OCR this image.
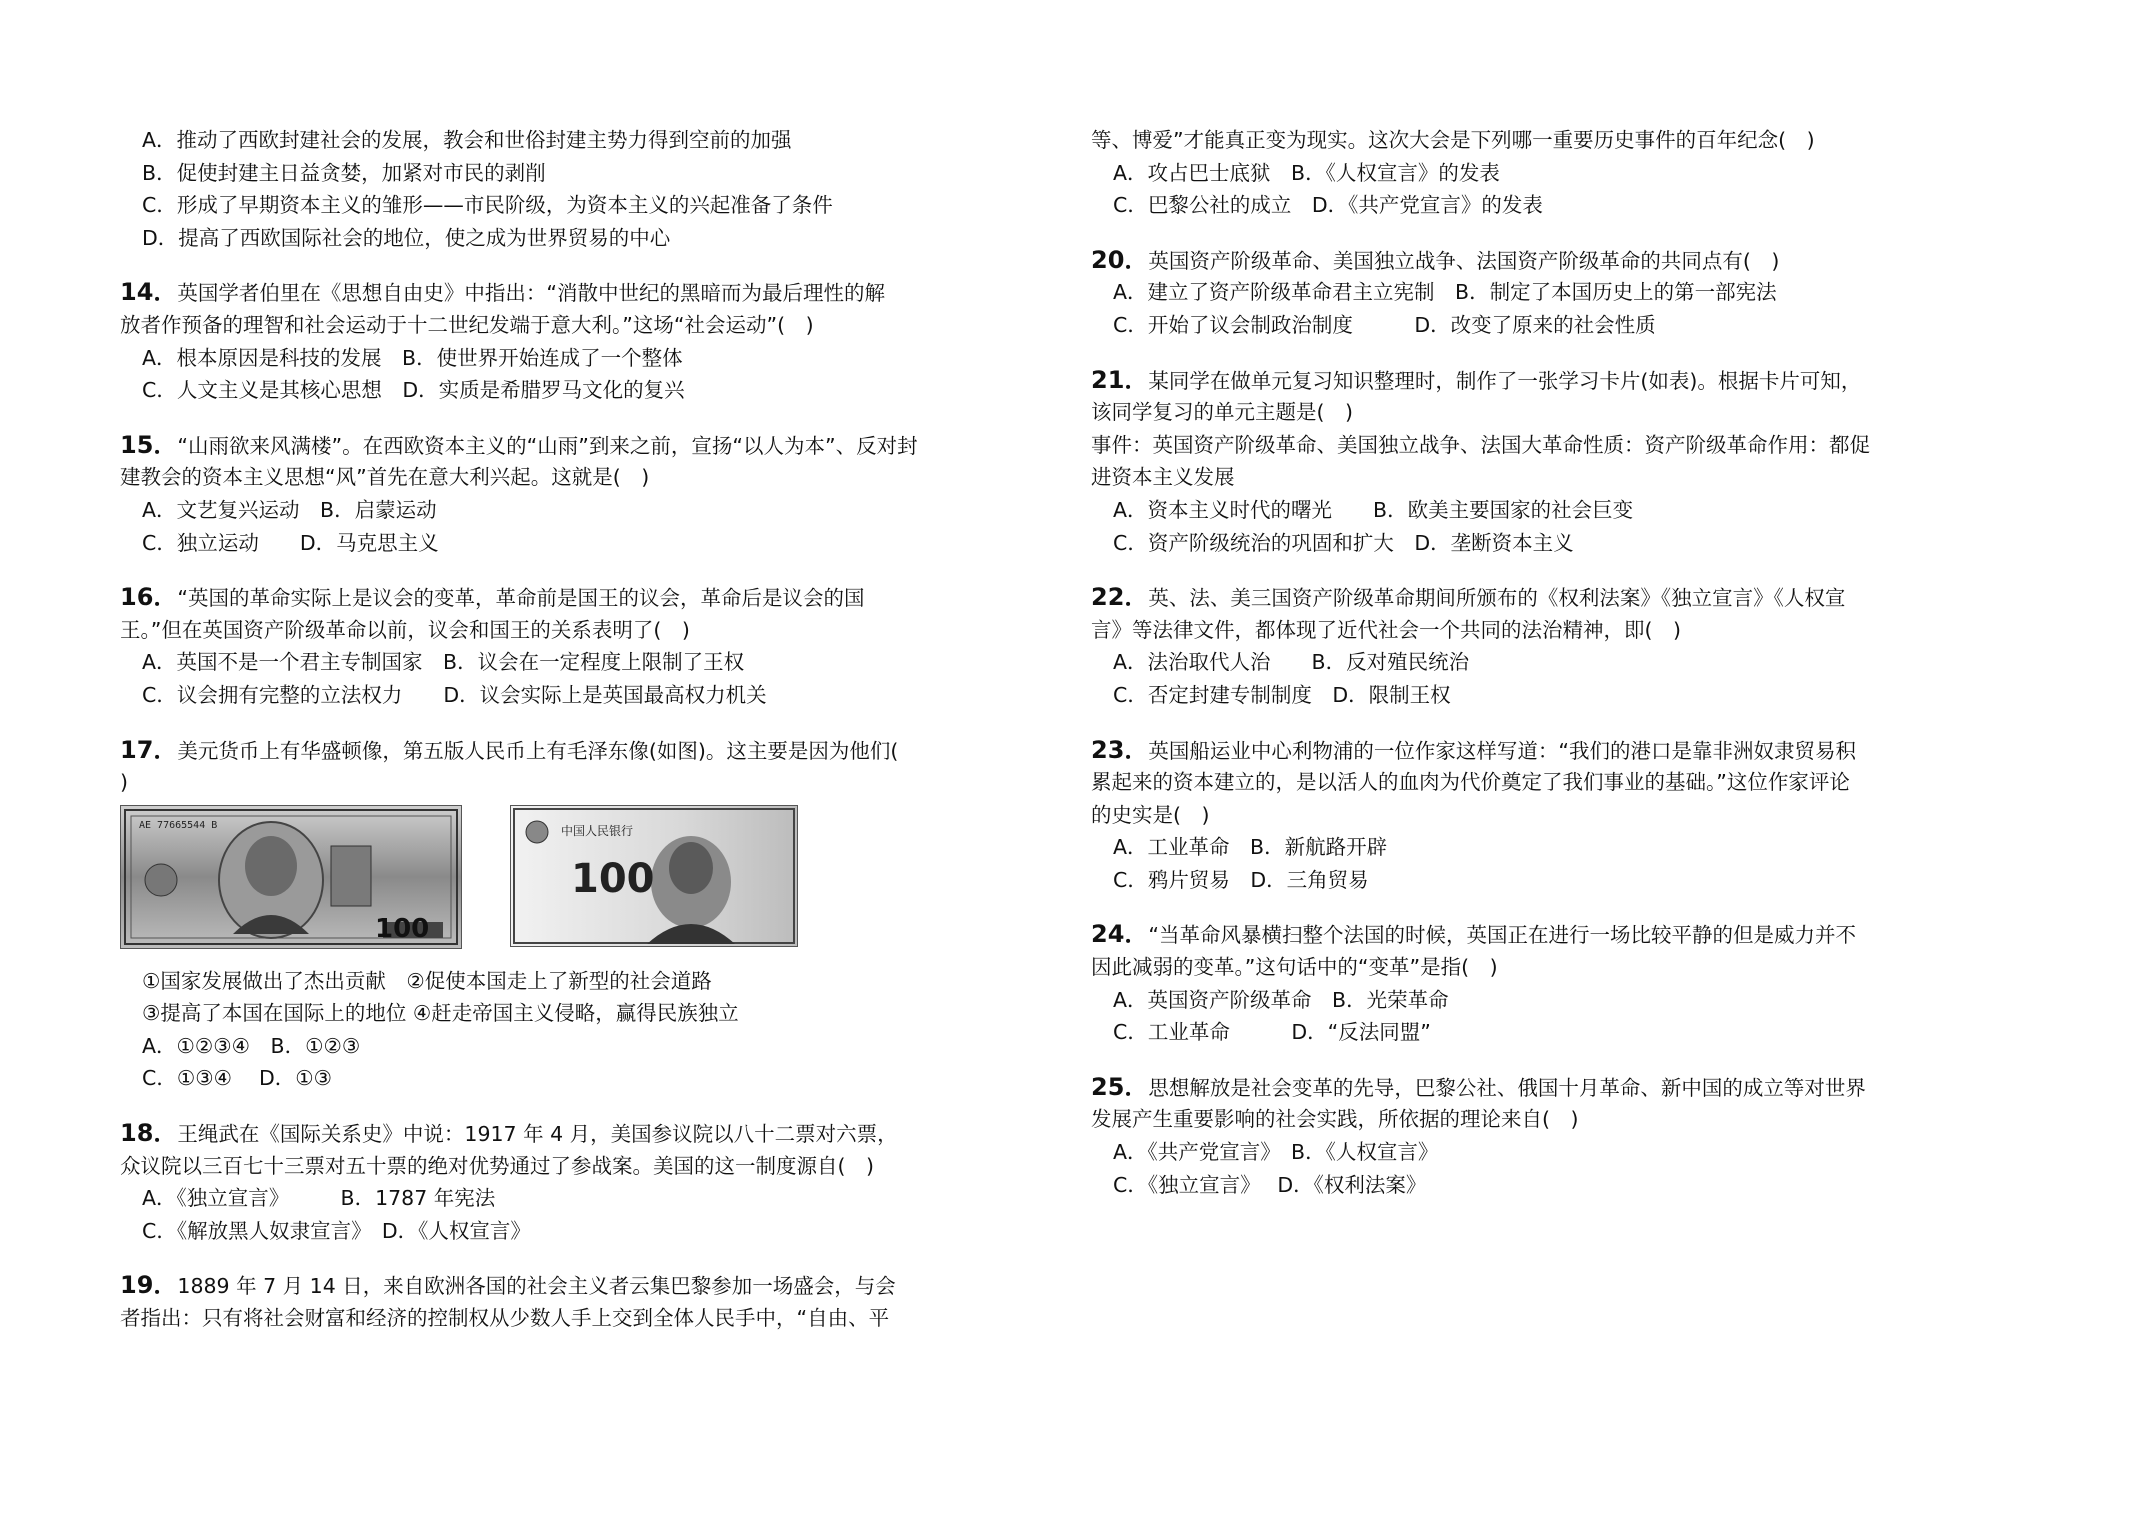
A．推动了西欧封建社会的发展，教会和世俗封建主势力得到空前的加强
B．促使封建主日益贪婪，加紧对市民的剥削
C．形成了早期资本主义的雏形——市民阶级，为资本主义的兴起准备了条件
D．提高了西欧国际社会的地位，使之成为世界贸易的中心
14．英国学者伯里在《思想自由史》中指出：“消散中世纪的黑暗而为最后理性的解
放者作预备的理智和社会运动于十二世纪发端于意大利。”这场“社会运动”(　)
A．根本原因是科技的发展　B．使世界开始连成了一个整体
C．人文主义是其核心思想　D．实质是希腊罗马文化的复兴
15．“山雨欲来风满楼”。在西欧资本主义的“山雨”到来之前，宣扬“以人为本”、反对封
建教会的资本主义思想“风”首先在意大利兴起。这就是(　)
A．文艺复兴运动　B．启蒙运动
C．独立运动　　D．马克思主义
16．“英国的革命实际上是议会的变革，革命前是国王的议会，革命后是议会的国
王。”但在英国资产阶级革命以前，议会和国王的关系表明了(　)
A．英国不是一个君主专制国家　B．议会在一定程度上限制了王权
C．议会拥有完整的立法权力　　D．议会实际上是英国最高权力机关
17．美元货币上有华盛顿像，第五版人民币上有毛泽东像(如图)。这主要是因为他们(
)
AE 77665544 B
100
中国人民银行
100
①国家发展做出了杰出贡献　②促使本国走上了新型的社会道路
③提高了本国在国际上的地位 ④赶走帝国主义侵略，赢得民族独立
A．①②③④　B．①②③
C．①③④　 D．①③
18．王绳武在《国际关系史》中说：1917 年 4 月，美国参议院以八十二票对六票，
众议院以三百七十三票对五十票的绝对优势通过了参战案。美国的这一制度源自(　)
A．《独立宣言》　　　B．1787 年宪法
C．《解放黑人奴隶宣言》　D．《人权宣言》
19．1889 年 7 月 14 日，来自欧洲各国的社会主义者云集巴黎参加一场盛会，与会
者指出：只有将社会财富和经济的控制权从少数人手上交到全体人民手中，“自由、平
等、博爱”才能真正变为现实。这次大会是下列哪一重要历史事件的百年纪念(　)
A．攻占巴士底狱　B．《人权宣言》的发表
C．巴黎公社的成立　D．《共产党宣言》的发表
20．英国资产阶级革命、美国独立战争、法国资产阶级革命的共同点有(　)
A．建立了资产阶级革命君主立宪制　B．制定了本国历史上的第一部宪法
C．开始了议会制政治制度　　　D．改变了原来的社会性质
21．某同学在做单元复习知识整理时，制作了一张学习卡片(如表)。根据卡片可知，
该同学复习的单元主题是(　)
事件：英国资产阶级革命、美国独立战争、法国大革命性质：资产阶级革命作用：都促
进资本主义发展
A．资本主义时代的曙光　　B．欧美主要国家的社会巨变
C．资产阶级统治的巩固和扩大　D．垄断资本主义
22．英、法、美三国资产阶级革命期间所颁布的《权利法案》《独立宣言》《人权宣
言》等法律文件，都体现了近代社会一个共同的法治精神，即(　)
A．法治取代人治　　B．反对殖民统治
C．否定封建专制制度　D．限制王权
23．英国船运业中心利物浦的一位作家这样写道：“我们的港口是靠非洲奴隶贸易积
累起来的资本建立的，是以活人的血肉为代价奠定了我们事业的基础。”这位作家评论
的史实是(　)
A．工业革命　B．新航路开辟
C．鸦片贸易　D．三角贸易
24．“当革命风暴横扫整个法国的时候，英国正在进行一场比较平静的但是威力并不
因此减弱的变革。”这句话中的“变革”是指(　)
A．英国资产阶级革命　B．光荣革命
C．工业革命　　　D．“反法同盟”
25．思想解放是社会变革的先导，巴黎公社、俄国十月革命、新中国的成立等对世界
发展产生重要影响的社会实践，所依据的理论来自(　)
A．《共产党宣言》　B．《人权宣言》
C．《独立宣言》　 D．《权利法案》
